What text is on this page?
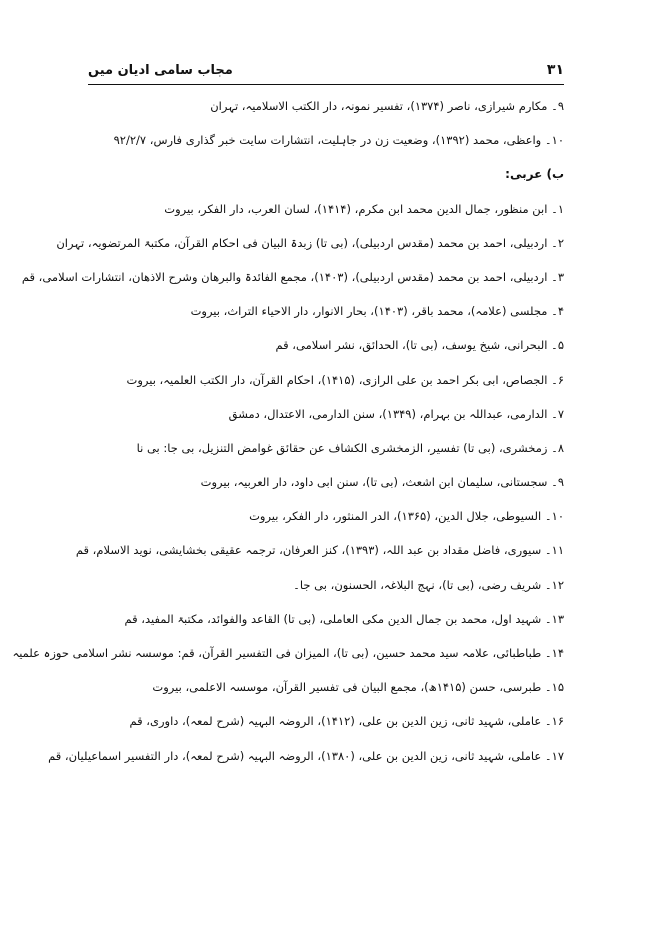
۳۱
مجاب سامی ادیان میں
۹۔ مکارم شیرازی، ناصر (۱۳۷۴)، تفسیر نمونہ، دار الکتب الاسلامیہ، تہران
۱۰۔ واعظی، محمد (۱۳۹۲)، وضعیت زن در جاہلیت، انتشارات سایت خبر گذاری فارس، ۹۲/۲/۷
ب) عربی:
۱۔ ابن منظور، جمال الدین محمد ابن مکرم، (۱۴۱۴)، لسان العرب، دار الفکر، بیروت
۲۔ اردبیلی، احمد بن محمد (مقدس اردبیلی)، (بی تا) زبدۃ البیان فی احکام القرآن، مکتبۃ المرتضویہ، تہران
۳۔ اردبیلی، احمد بن محمد (مقدس اردبیلی)، (۱۴۰۳)، مجمع الفائدۃ والبرھان وشرح الاذھان، انتشارات اسلامی، قم
۴۔ مجلسی (علامہ)، محمد باقر، (۱۴۰۳)، بحار الانوار، دار الاحیاء التراث، بیروت
۵۔ البحرانی، شیخ یوسف، (بی تا)، الحدائق، نشر اسلامی، قم
۶۔ الجصاص، ابی بکر احمد بن علی الرازی، (۱۴۱۵)، احکام القرآن، دار الکتب العلمیہ، بیروت
۷۔ الدارمی، عبداللہ بن بہرام، (۱۳۴۹)، سنن الدارمی، الاعتدال، دمشق
۸۔ زمخشری، (بی تا) تفسیر، الزمخشری الکشاف عن حقائق غوامض التنزیل، بی جا: بی نا
۹۔ سجستانی، سلیمان ابن اشعث، (بی تا)، سنن ابی داود، دار العربیہ، بیروت
۱۰۔ السیوطی، جلال الدین، (۱۳۶۵)، الدر المنثور، دار الفکر، بیروت
۱۱۔ سیوری، فاضل مقداد بن عبد اللہ، (۱۳۹۳)، کنز العرفان، ترجمہ عقیقی بخشایشی، نوید الاسلام، قم
۱۲۔ شریف رضی، (بی تا)، نہج البلاغہ، الحسنون، بی جا۔
۱۳۔ شہید اول، محمد بن جمال الدین مکی العاملی، (بی تا) القاعد والفوائد، مکتبۃ المفید، قم
۱۴۔ طباطبائی، علامہ سید محمد حسین، (بی تا)، المیزان فی التفسیر القرآن، قم: موسسہ نشر اسلامی حوزہ علمیہ
۱۵۔ طبرسی، حسن (۱۴۱۵ھ)، مجمع البیان فی تفسیر القرآن، موسسہ الاعلمی، بیروت
۱۶۔ عاملی، شہید ثانی، زین الدین بن علی، (۱۴۱۲)، الروضہ البہیہ (شرح لمعہ)، داوری، قم
۱۷۔ عاملی، شہید ثانی، زین الدین بن علی، (۱۳۸۰)، الروضہ البہیہ (شرح لمعہ)، دار التفسیر اسماعیلیان، قم
